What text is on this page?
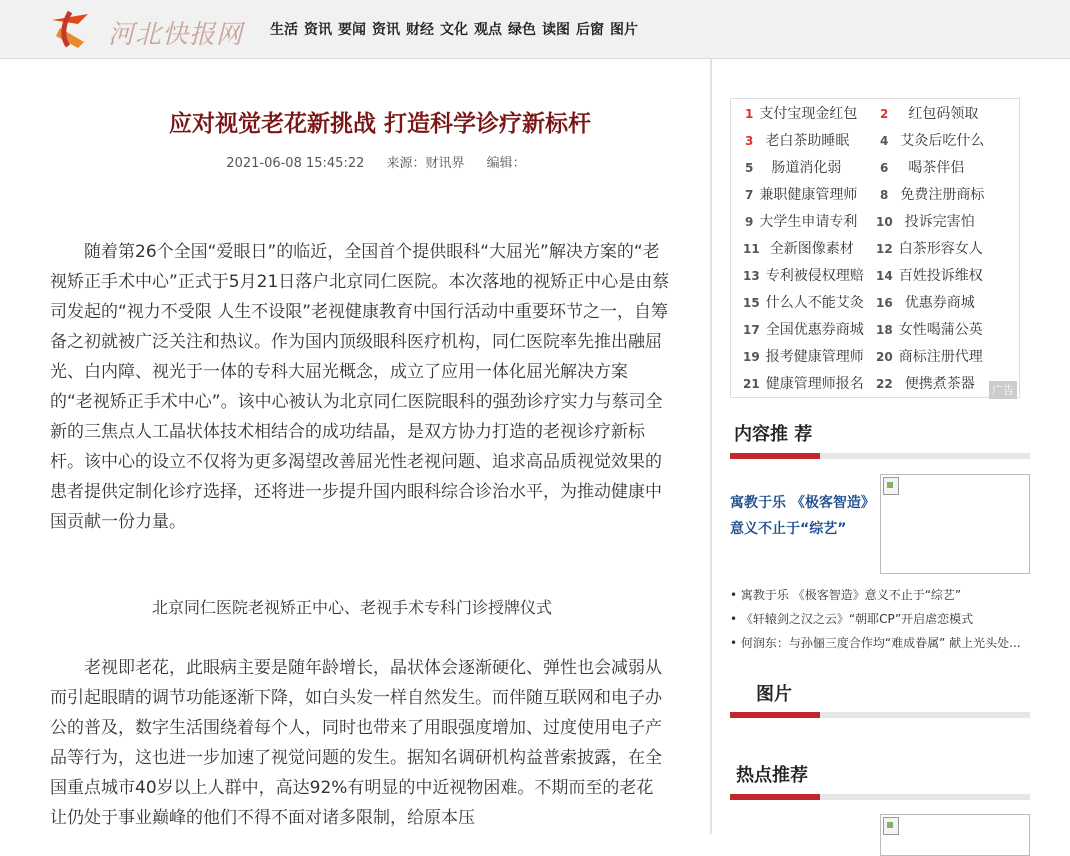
河北快报网 生活 资讯 要闻 资讯 财经 文化 观点 绿色 读图 后窗 图片
应对视觉老花新挑战 打造科学诊疗新标杆
2021-06-08 15:45:22 来源：财讯界 编辑：

随着第26个全国“爱眼日”的临近，全国首个提供眼科“大屈光”解决方案的“老视矫正手术中心”正式于5月21日落户北京同仁医院。本次落地的视矫正中心是由蔡司发起的“视力不受限 人生不设限”老视健康教育中国行活动中重要环节之一，自筹备之初就被广泛关注和热议。作为国内顶级眼科医疗机构，同仁医院率先推出融屈光、白内障、视光于一体的专科大屈光概念，成立了应用一体化屈光解决方案的“老视矫正手术中心”。该中心被认为北京同仁医院眼科的强劲诊疗实力与蔡司全新的三焦点人工晶状体技术相结合的成功结晶，是双方协力打造的老视诊疗新标杆。该中心的设立不仅将为更多渴望改善屈光性老视问题、追求高品质视觉效果的患者提供定制化诊疗选择，还将进一步提升国内眼科综合诊治水平，为推动健康中国贡献一份力量。

北京同仁医院老视矫正中心、老视手术专科门诊授牌仪式

老视即老花，此眼病主要是随年龄增长，晶状体会逐渐硬化、弹性也会减弱从而引起眼睛的调节功能逐渐下降，如白头发一样自然发生。而伴随互联网和电子办公的普及，数字生活围绕着每个人，同时也带来了用眼强度增加、过度使用电子产品等行为，这也进一步加速了视觉问题的发生。据知名调研机构益普索披露，在全国重点城市40岁以上人群中，高达92%有明显的中近视物困难。不期而至的老花让仍处于事业巅峰的他们不得不面对诸多限制，给原本压

1 支付宝现金红包 2 红包码领取
3 老白茶助睡眠	4 艾灸后吃什么
5 肠道消化弱	6 喝茶伴侣
7 兼职健康管理师 8 免费注册商标
9 大学生申请专利 10 投诉完害怕
11 全新图像素材 12 白茶形容女人
13 专利被侵权理赔 14 百姓投诉维权
15 什么人不能艾灸 16 优惠券商城
17 全国优惠券商城 18 女性喝蒲公英
19 报考健康管理师 20 商标注册代理
21 健康管理师报名 22 便携煮茶器 广告
内容推 荐
寓教于乐 《极客智造》意义不止于“综艺”
• 寓教于乐 《极客智造》意义不止于“综艺”
• 《轩辕剑之汉之云》“朝耶CP”开启虐恋模式
• 何润东：与孙俪三度合作均“难成眷属” 献上光头处...
图片
热点推荐
